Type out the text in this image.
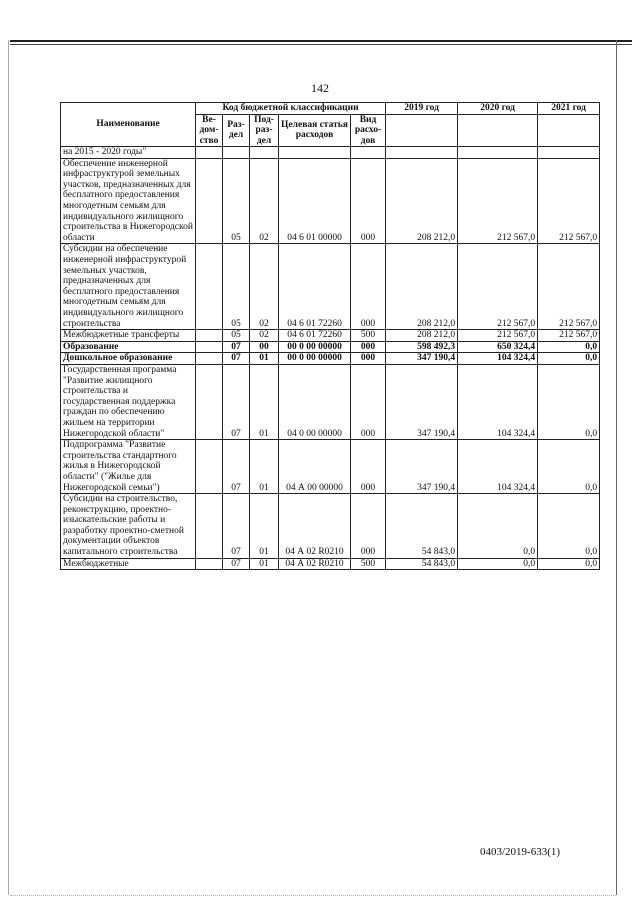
142
Наименование	Код бюджетной классификации					2019 год	2020 год	2021 год
	Ве-дом-ство	Раз-дел	Под-раз-дел	Целевая статья расходов	Вид расхо-дов			
на 2015 - 2020 годы"								
Обеспечение инженерной инфраструктурой земельных участков, предназначенных для бесплатного предоставления многодетным семьям для индивидуального жилищного строительства в Нижегородской области		05	02	04 6 01 00000	000	208 212,0	212 567,0	212 567,0
Субсидии на обеспечение инженерной инфраструктурой земельных участков, предназначенных для бесплатного предоставления многодетным семьям для индивидуального жилищного строительства		05	02	04 6 01 72260	000	208 212,0	212 567,0	212 567,0
Межбюджетные трансферты		05	02	04 6 01 72260	500	208 212,0	212 567,0	212 567,0
Образование		07	00	00 0 00 00000	000	598 492,3	650 324,4	0,0
Дошкольное образование		07	01	00 0 00 00000	000	347 190,4	104 324,4	0,0
Государственная программа "Развитие жилищного строительства и государственная поддержка граждан по обеспечению жильем на территории Нижегородской области"		07	01	04 0 00 00000	000	347 190,4	104 324,4	0,0
Подпрограмма "Развитие строительства стандартного жилья в Нижегородской области" ("Жилье для Нижегородской семьи")		07	01	04 А 00 00000	000	347 190,4	104 324,4	0,0
Субсидии на строительство, реконструкцию, проектно-изыскательские работы и разработку проектно-сметной документации объектов капитального строительства		07	01	04 А 02 R0210	000	54 843,0	0,0	0,0
Межбюджетные		07	01	04 А 02 R0210	500	54 843,0	0,0	0,0
0403/2019-633(1)
